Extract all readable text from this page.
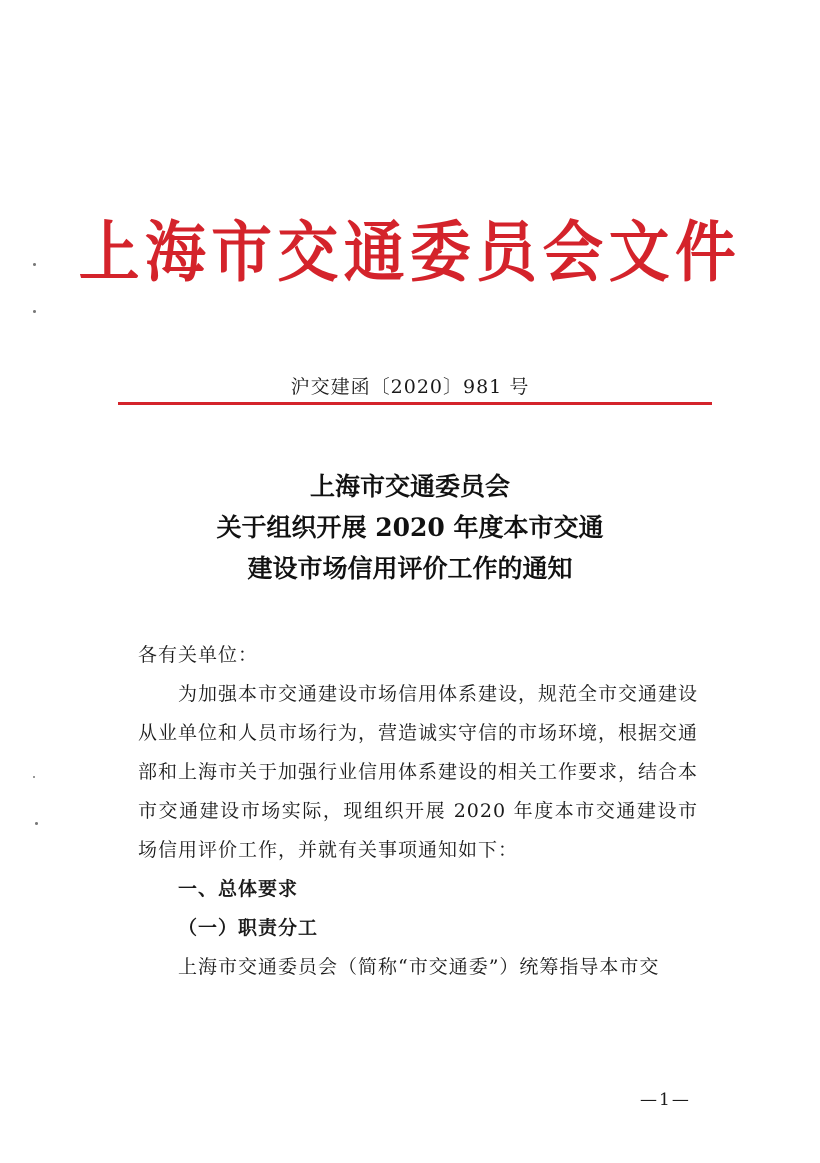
上海市交通委员会文件
沪交建函〔2020〕981 号
上海市交通委员会
关于组织开展 2020 年度本市交通
建设市场信用评价工作的通知

各有关单位：

为加强本市交通建设市场信用体系建设，规范全市交通建设从业单位和人员市场行为，营造诚实守信的市场环境，根据交通部和上海市关于加强行业信用体系建设的相关工作要求，结合本市交通建设市场实际，现组织开展 2020 年度本市交通建设市场信用评价工作，并就有关事项通知如下：

一、总体要求

（一）职责分工

上海市交通委员会（简称“市交通委”）统筹指导本市交

—1—
